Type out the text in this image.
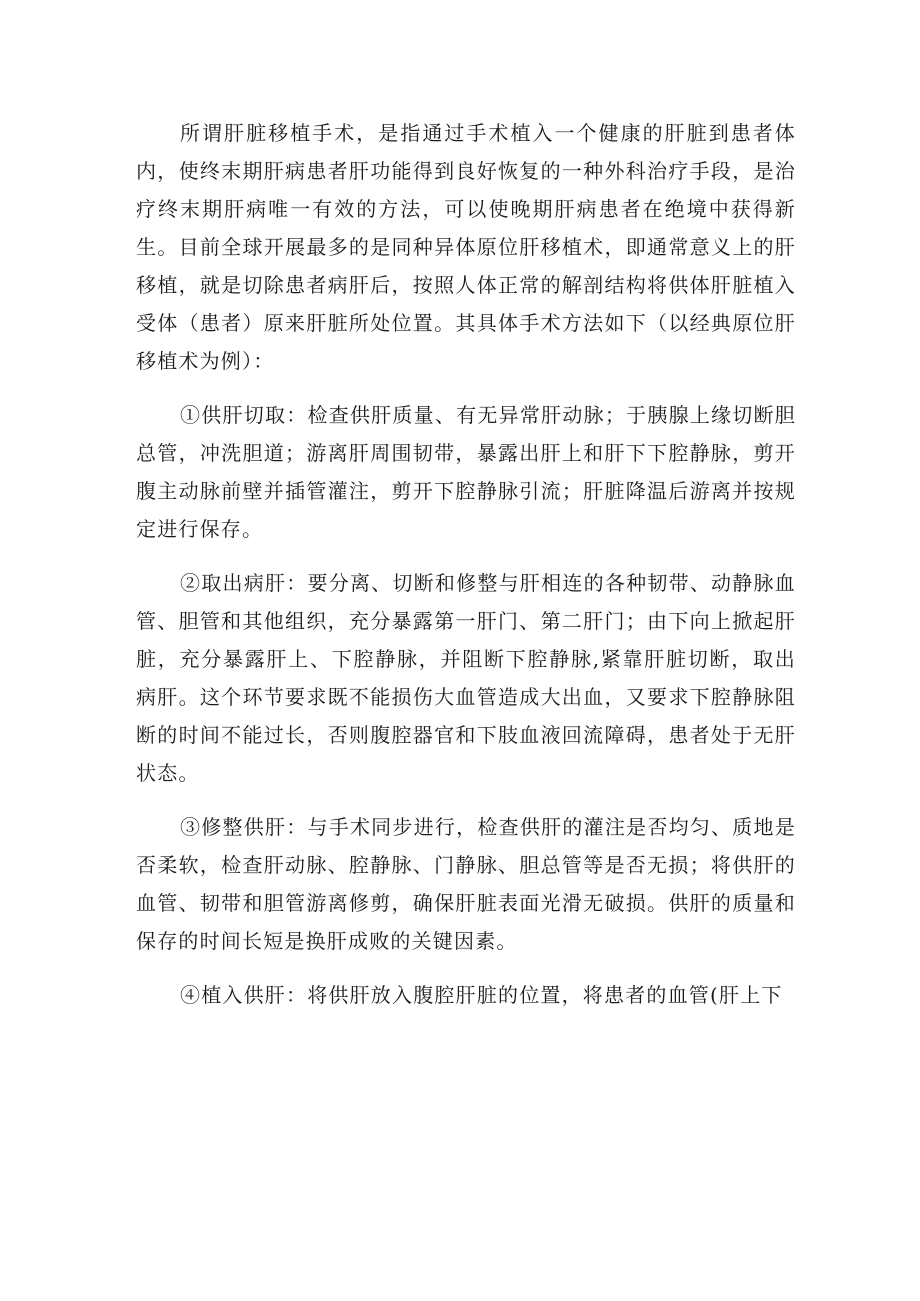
所谓肝脏移植手术，是指通过手术植入一个健康的肝脏到患者体内，使终末期肝病患者肝功能得到良好恢复的一种外科治疗手段，是治疗终末期肝病唯一有效的方法，可以使晚期肝病患者在绝境中获得新生。目前全球开展最多的是同种异体原位肝移植术，即通常意义上的肝移植，就是切除患者病肝后，按照人体正常的解剖结构将供体肝脏植入受体（患者）原来肝脏所处位置。其具体手术方法如下（以经典原位肝移植术为例）：

①供肝切取：检查供肝质量、有无异常肝动脉；于胰腺上缘切断胆总管，冲洗胆道；游离肝周围韧带，暴露出肝上和肝下下腔静脉，剪开腹主动脉前壁并插管灌注，剪开下腔静脉引流；肝脏降温后游离并按规定进行保存。

②取出病肝：要分离、切断和修整与肝相连的各种韧带、动静脉血管、胆管和其他组织，充分暴露第一肝门、第二肝门；由下向上掀起肝脏，充分暴露肝上、下腔静脉，并阻断下腔静脉,紧靠肝脏切断，取出病肝。这个环节要求既不能损伤大血管造成大出血，又要求下腔静脉阻断的时间不能过长，否则腹腔器官和下肢血液回流障碍，患者处于无肝状态。

③修整供肝：与手术同步进行，检查供肝的灌注是否均匀、质地是否柔软，检查肝动脉、腔静脉、门静脉、胆总管等是否无损；将供肝的血管、韧带和胆管游离修剪，确保肝脏表面光滑无破损。供肝的质量和保存的时间长短是换肝成败的关键因素。

④植入供肝：将供肝放入腹腔肝脏的位置，将患者的血管(肝上下
